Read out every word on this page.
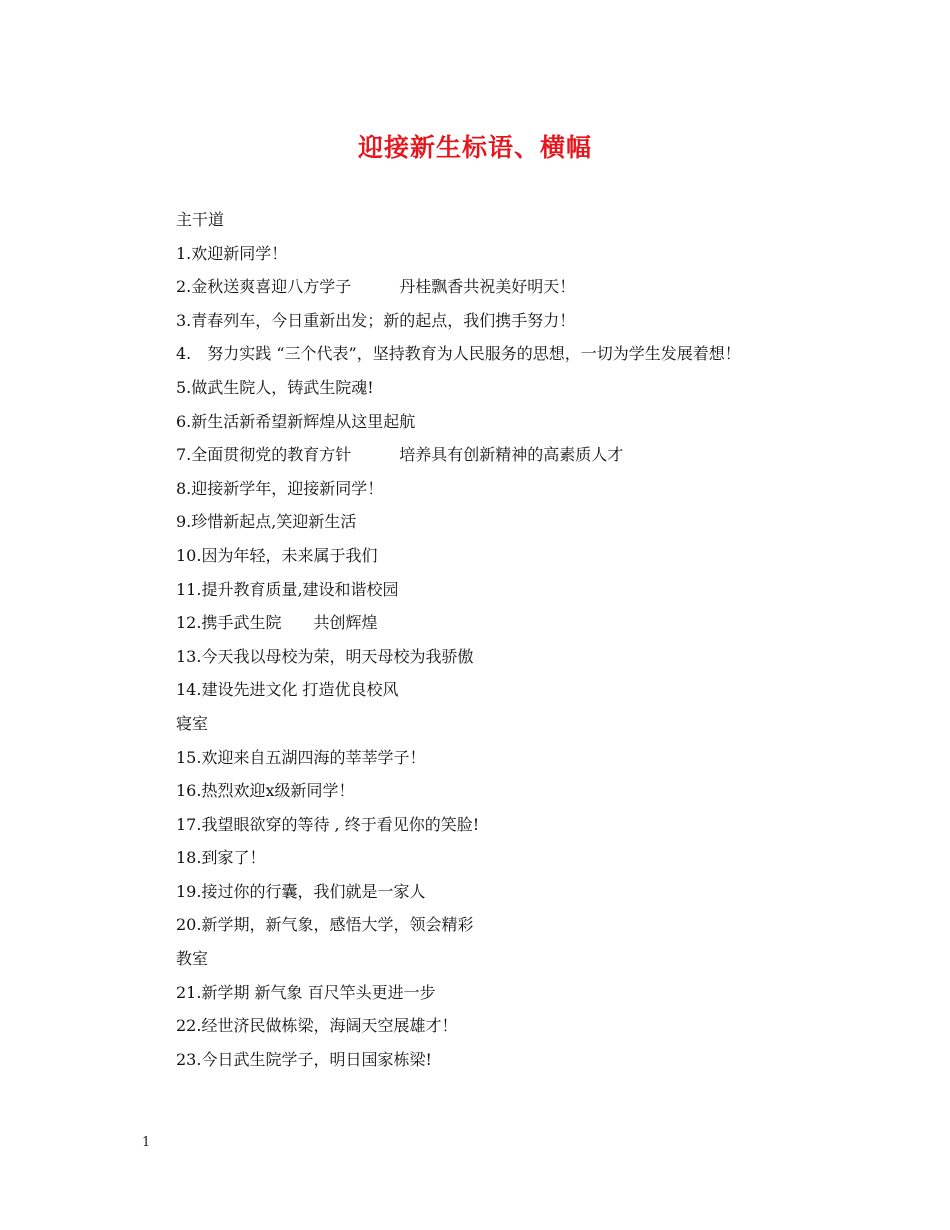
迎接新生标语、横幅
主干道
1.欢迎新同学！
2.金秋送爽喜迎八方学子　　　丹桂飘香共祝美好明天！
3.青春列车，今日重新出发；新的起点，我们携手努力！
4.　努力实践 “三个代表”，坚持教育为人民服务的思想，一切为学生发展着想！
5.做武生院人，铸武生院魂!
6.新生活新希望新辉煌从这里起航
7.全面贯彻党的教育方针　　　培养具有创新精神的高素质人才
8.迎接新学年，迎接新同学！
9.珍惜新起点,笑迎新生活
10.因为年轻，未来属于我们
11.提升教育质量,建设和谐校园
12.携手武生院　　共创辉煌
13.今天我以母校为荣，明天母校为我骄傲
14.建设先进文化 打造优良校风
寝室
15.欢迎来自五湖四海的莘莘学子！
16.热烈欢迎x级新同学！
17.我望眼欲穿的等待 , 终于看见你的笑脸!
18.到家了！
19.接过你的行囊，我们就是一家人
20.新学期，新气象，感悟大学，领会精彩
教室
21.新学期 新气象 百尺竿头更进一步
22.经世济民做栋梁，海阔天空展雄才！
23.今日武生院学子，明日国家栋梁!
1
